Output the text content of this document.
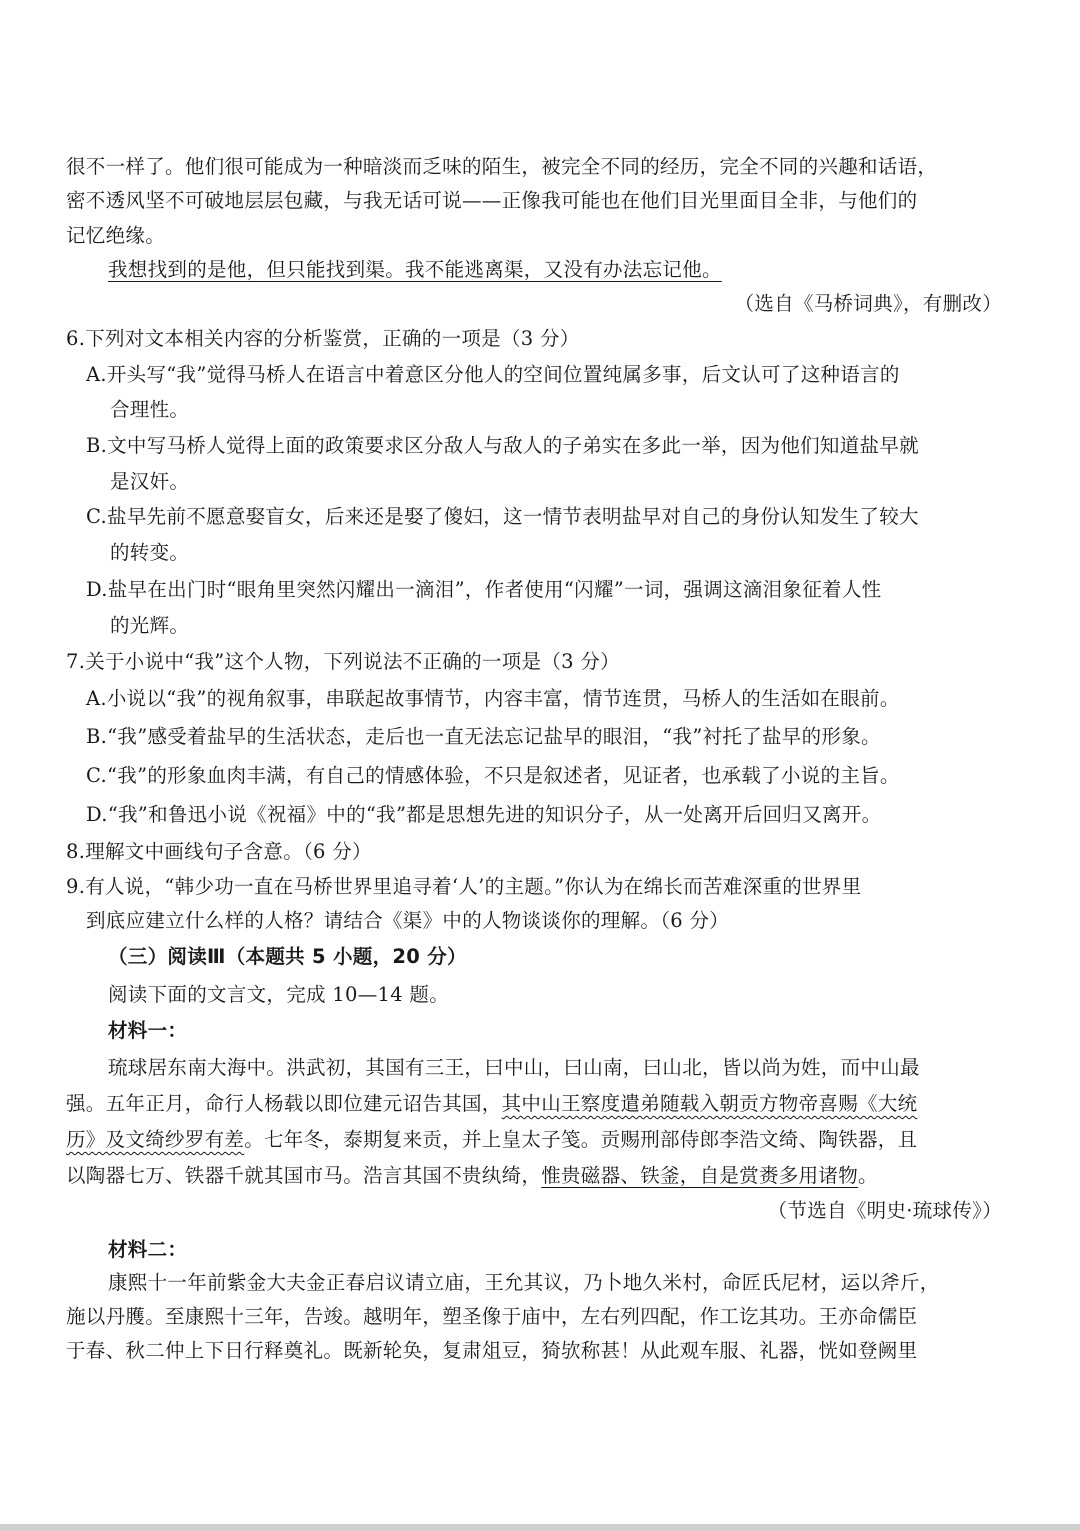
很不一样了。他们很可能成为一种暗淡而乏味的陌生，被完全不同的经历，完全不同的兴趣和话语，
密不透风坚不可破地层层包藏，与我无话可说——正像我可能也在他们目光里面目全非，与他们的
记忆绝缘。
我想找到的是他，但只能找到渠。我不能逃离渠，又没有办法忘记他。
（选自《马桥词典》，有删改）
6.下列对文本相关内容的分析鉴赏，正确的一项是（3 分）
A.开头写“我”觉得马桥人在语言中着意区分他人的空间位置纯属多事，后文认可了这种语言的
合理性。
B.文中写马桥人觉得上面的政策要求区分敌人与敌人的子弟实在多此一举，因为他们知道盐早就
是汉奸。
C.盐早先前不愿意娶盲女，后来还是娶了傻妇，这一情节表明盐早对自己的身份认知发生了较大
的转变。
D.盐早在出门时“眼角里突然闪耀出一滴泪”，作者使用“闪耀”一词，强调这滴泪象征着人性
的光辉。
7.关于小说中“我”这个人物，下列说法不正确的一项是（3 分）
A.小说以“我”的视角叙事，串联起故事情节，内容丰富，情节连贯，马桥人的生活如在眼前。
B.“我”感受着盐早的生活状态，走后也一直无法忘记盐早的眼泪，“我”衬托了盐早的形象。
C.“我”的形象血肉丰满，有自己的情感体验，不只是叙述者，见证者，也承载了小说的主旨。
D.“我”和鲁迅小说《祝福》中的“我”都是思想先进的知识分子，从一处离开后回归又离开。
8.理解文中画线句子含意。（6 分）
9.有人说，“韩少功一直在马桥世界里追寻着‘人’的主题。”你认为在绵长而苦难深重的世界里
到底应建立什么样的人格？请结合《渠》中的人物谈谈你的理解。（6 分）
（三）阅读Ⅲ（本题共 5 小题，20 分）
阅读下面的文言文，完成 10—14 题。
材料一：
琉球居东南大海中。洪武初，其国有三王，曰中山，曰山南，曰山北，皆以尚为姓，而中山最
强。五年正月，命行人杨载以即位建元诏告其国，其中山王察度遣弟随载入朝贡方物帝喜赐《大统
历》及文绮纱罗有差。七年冬，泰期复来贡，并上皇太子笺。贡赐刑部侍郎李浩文绮、陶铁器，且
以陶器七万、铁器千就其国市马。浩言其国不贵纨绮，惟贵磁器、铁釜，自是赏赉多用诸物。
（节选自《明史·琉球传》）
材料二：
康熙十一年前紫金大夫金正春启议请立庙，王允其议，乃卜地久米村，命匠氏尼材，运以斧斤，
施以丹臒。至康熙十三年，告竣。越明年，塑圣像于庙中，左右列四配，作工讫其功。王亦命儒臣
于春、秋二仲上下日行释奠礼。既新轮奂，复肃俎豆，猗欤称甚！从此观车服、礼器，恍如登阙里
